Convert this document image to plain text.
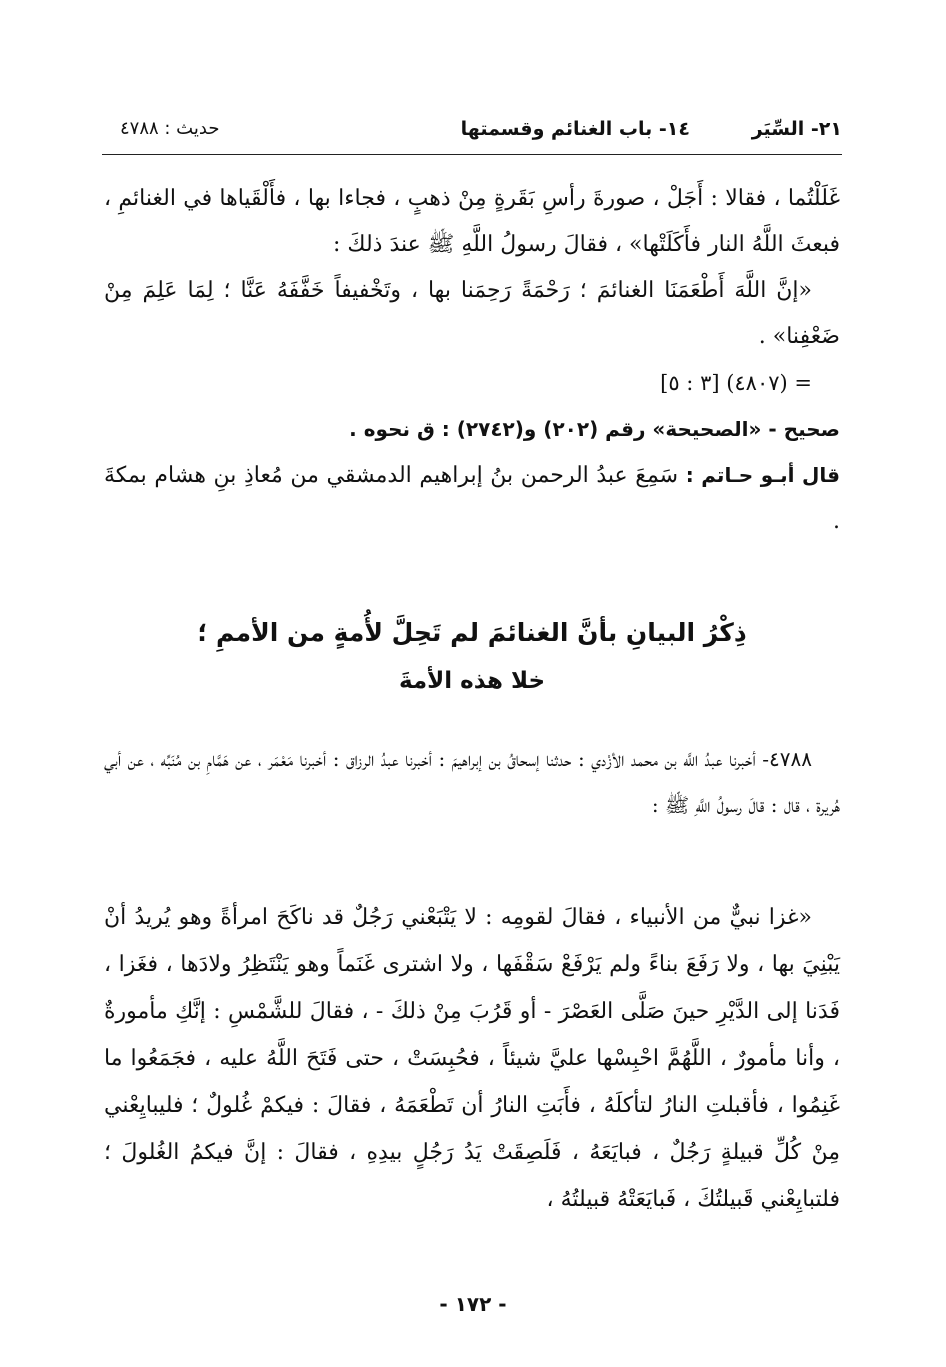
٢١- السِّيَر
١٤- باب الغنائم وقسمتها
حديث : ٤٧٨٨

غَلَلْتُما ، فقالا : أَجَلْ ، صورةَ رأسِ بَقَرةٍ مِنْ ذهبٍ ، فجاءا بها ، فأَلْقَياها في الغنائمِ ، فبعثَ اللَّهُ النار فأَكَلَتْها» ، فقالَ رسولُ اللَّهِ ﷺ عندَ ذلكَ :

«إنَّ اللَّهَ أَطْعَمَنَا الغنائمَ ؛ رَحْمَةً رَحِمَنا بها ، وتَخْفيفاً خَفَّفَهُ عَنَّا ؛ لِمَا عَلِمَ مِنْ ضَعْفِنا» .

= (٤٨٠٧) [٣ : ٥]

صحيح - «الصحيحة» رقم (٢٠٢) و(٢٧٤٢) : ق نحوه .

قال أبـو حـاتم : سَمِعَ عبدُ الرحمن بنُ إبراهيم الدمشقي من مُعاذِ بنِ هشام بمكةَ .

ذِكْرُ البيانِ بأنَّ الغنائمَ لم تَحِلَّ لأُمةٍ من الأممِ ؛
خلا هذه الأمةَ

٤٧٨٨- أخبرنا عبدُ اللَّه بن محمد الأزْدي : حدثنا إسحاقُ بن إبراهيمَ : أخبرنا عبدُ الرزاق : أخبرنا مَعْمَر ، عن هَمَّامِ بن مُنَبِّه ، عن أبي هُريرة ، قال : قالَ رسولُ اللَّهِ ﷺ :

«غزا نبيٌّ من الأنبياء ، فقالَ لقومِه : لا يَتْبَعْني رَجُلٌ قد ناكَحَ امرأةً وهو يُريدُ أنْ يَبْنِيَ بها ، ولا رَفَعَ بناءً ولم يَرْفَعْ سَقْفَها ، ولا اشترى غَنَماً وهو يَنْتَظِرُ ولادَها ، فغَزا ، فَدَنا إلى الدَّيْرِ حينَ صَلَّى العَصْرَ - أو قَرُبَ مِنْ ذلكَ - ، فقالَ للشَّمْسِ : إنَّكِ مأمورةٌ ، وأنا مأمورٌ ، اللَّهُمَّ احْبِسْها عليَّ شيئاً ، فحُبِسَتْ ، حتى فَتَحَ اللَّهُ عليه ، فجَمَعُوا ما غَنِمُوا ، فأقبلتِ النارُ لتأكلَهُ ، فأَبَتِ النارُ أن تَطْعَمَهُ ، فقالَ : فيكمْ غُلولٌ ؛ فليبايِعْني مِنْ كُلِّ قبيلةٍ رَجُلٌ ، فبايَعَهُ ، فَلَصِقَتْ يَدُ رَجُلٍ بيدِهِ ، فقالَ : إنَّ فيكمُ الغُلولَ ؛ فلتبايِعْني قَبيلتُكَ ، فَبايَعَتْهُ قبيلتُهُ ،

- ١٧٢ -
